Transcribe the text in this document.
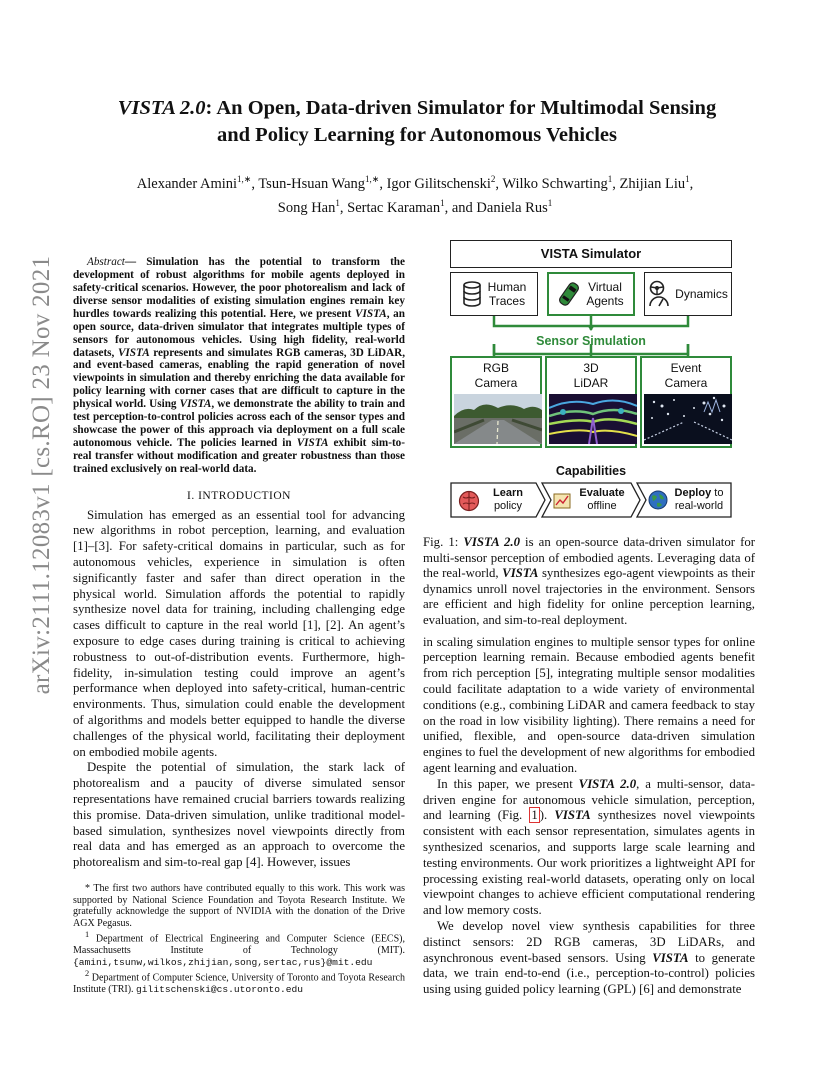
arXiv:2111.12083v1 [cs.RO] 23 Nov 2021
VISTA 2.0: An Open, Data-driven Simulator for Multimodal Sensing
and Policy Learning for Autonomous Vehicles
Alexander Amini$^{1,∗}$, Tsun-Hsuan Wang$^{1,∗}$, Igor Gilitschenski$^2$, Wilko Schwarting$^1$, Zhijian Liu$^1$,
Song Han$^1$, Sertac Karaman$^1$, and Daniela Rus$^1$

Abstract— Simulation has the potential to transform the development of robust algorithms for mobile agents deployed in safety-critical scenarios. However, the poor photorealism and lack of diverse sensor modalities of existing simulation engines remain key hurdles towards realizing this potential. Here, we present VISTA, an open source, data-driven simulator that integrates multiple types of sensors for autonomous vehicles. Using high fidelity, real-world datasets, VISTA represents and simulates RGB cameras, 3D LiDAR, and event-based cameras, enabling the rapid generation of novel viewpoints in simulation and thereby enriching the data available for policy learning with corner cases that are difficult to capture in the physical world. Using VISTA, we demonstrate the ability to train and test perception-to-control policies across each of the sensor types and showcase the power of this approach via deployment on a full scale autonomous vehicle. The policies learned in VISTA exhibit sim-to-real transfer without modification and greater robustness than those trained exclusively on real-world data.

I. INTRODUCTION

Simulation has emerged as an essential tool for advancing new algorithms in robot perception, learning, and evaluation [1]–[3]. For safety-critical domains in particular, such as for autonomous vehicles, experience in simulation is often significantly faster and safer than direct operation in the physical world. Simulation affords the potential to rapidly synthesize novel data for training, including challenging edge cases difficult to capture in the real world [1], [2]. An agent’s exposure to edge cases during training is critical to achieving robustness to out-of-distribution events. Furthermore, high-fidelity, in-simulation testing could improve an agent’s performance when deployed into safety-critical, human-centric environments. Thus, simulation could enable the development of algorithms and models better equipped to handle the diverse challenges of the physical world, facilitating their deployment on embodied mobile agents.

Despite the potential of simulation, the stark lack of photorealism and a paucity of diverse simulated sensor representations have remained crucial barriers towards realizing this promise. Data-driven simulation, unlike traditional model-based simulation, synthesizes novel viewpoints directly from real data and has emerged as an approach to overcome the photorealism and sim-to-real gap [4]. However, issues

* The first two authors have contributed equally to this work. This work was supported by National Science Foundation and Toyota Research Institute. We gratefully acknowledge the support of NVIDIA with the donation of the Drive AGX Pegasus.

$^1$ Department of Electrical Engineering and Computer Science (EECS), Massachusetts Institute of Technology (MIT). {amini,tsunw,wilkos,zhijian,song,sertac,rus}@mit.edu

$^2$ Department of Computer Science, University of Toronto and Toyota Research Institute (TRI). gilitschenski@cs.utoronto.edu

VISTA Simulator
Human
Traces
Virtual
Agents	Dynamics
Sensor Simulation
RGB
Camera
3D
LiDAR
Event
Camera
Capabilities
Learn
policy
Evaluate
offline
Deploy to
real-world

Fig. 1: VISTA 2.0 is an open-source data-driven simulator for multi-sensor perception of embodied agents. Leveraging data of the real-world, VISTA synthesizes ego-agent viewpoints as their dynamics unroll novel trajectories in the environment. Sensors are efficient and high fidelity for online perception learning, evaluation, and sim-to-real deployment.

in scaling simulation engines to multiple sensor types for online perception learning remain. Because embodied agents benefit from rich perception [5], integrating multiple sensor modalities could facilitate adaptation to a wide variety of environmental conditions (e.g., combining LiDAR and camera feedback to stay on the road in low visibility lighting). There remains a need for unified, flexible, and open-source data-driven simulation engines to fuel the development of new algorithms for embodied agent learning and evaluation.

In this paper, we present VISTA 2.0, a multi-sensor, data-driven engine for autonomous vehicle simulation, perception, and learning (Fig. 1 ). VISTA synthesizes novel viewpoints consistent with each sensor representation, simulates agents in synthesized scenarios, and supports large scale learning and testing environments. Our work prioritizes a lightweight API for processing existing real-world datasets, operating only on local viewpoint changes to achieve efficient computational rendering and low memory costs.

We develop novel view synthesis capabilities for three distinct sensors: 2D RGB cameras, 3D LiDARs, and asynchronous event-based sensors. Using VISTA to generate data, we train end-to-end (i.e., perception-to-control) policies using using guided policy learning (GPL) [6] and demonstrate
